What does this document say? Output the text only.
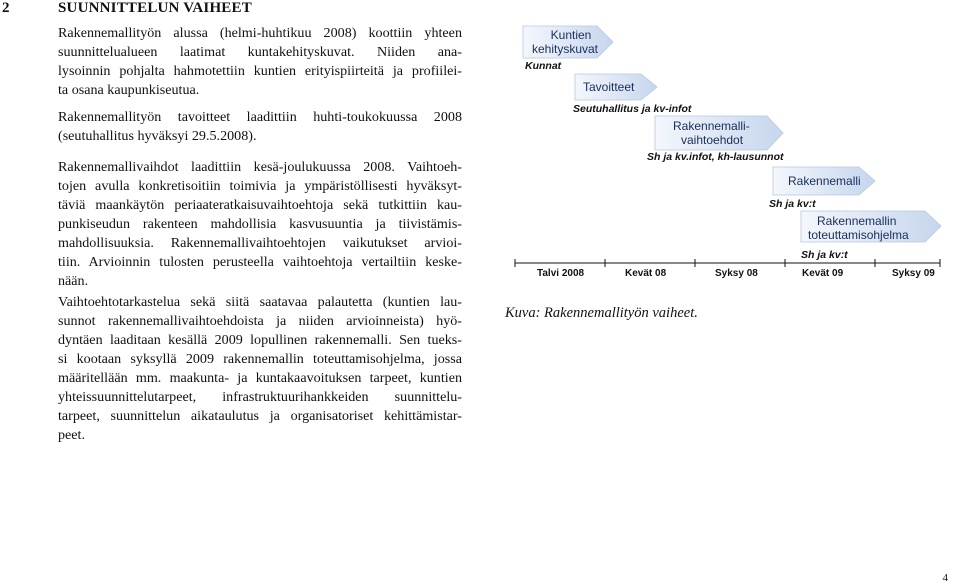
2	SUUNNITTELUN VAIHEET

Rakennemallityön alussa (helmi-huhtikuu 2008) koottiin yhteen
suunnittelualueen laatimat kuntakehityskuvat. Niiden ana-
lysoinnin pohjalta hahmotettiin kuntien erityispiirteitä ja profiilei-
ta osana kaupunkiseutua.

Rakennemallityön tavoitteet laadittiin huhti-toukokuussa 2008
(seutuhallitus hyväksyi 29.5.2008).

Rakennemallivaihdot laadittiin kesä-joulukuussa 2008. Vaihtoeh-
tojen avulla konkretisoitiin toimivia ja ympäristöllisesti hyväksyt-
täviä maankäytön periaateratkaisuvaihtoehtoja sekä tutkittiin kau-
punkiseudun rakenteen mahdollisia kasvusuuntia ja tiivistämis-
mahdollisuuksia. Rakennemallivaihtoehtojen vaikutukset arvioi-
tiin. Arvioinnin tulosten perusteella vaihtoehtoja vertailtiin keske-
nään.

Vaihtoehtotarkastelua sekä siitä saatavaa palautetta (kuntien lau-
sunnot rakennemallivaihtoehdoista ja niiden arvioinneista) hyö-
dyntäen laaditaan kesällä 2009 lopullinen rakennemalli. Sen tueks-
si kootaan syksyllä 2009 rakennemallin toteuttamisohjelma, jossa
määritellään mm. maakunta- ja kuntakaavoituksen tarpeet, kuntien
yhteissuunnittelutarpeet, infrastruktuurihankkeiden suunnittelu-
tarpeet, suunnittelun aikataulutus ja organisatoriset kehittämistar-
peet.

Kuntien
kehityskuvat
Kunnat
Tavoitteet
Seutuhallitus ja kv-infot
Rakennemalli-
vaihtoehdot
Sh ja kv.infot, kh-lausunnot
Rakennemalli
Sh ja kv:t
Rakennemallin
toteuttamisohjelma
Sh ja kv:t
Talvi 2008	Kevät 08	Syksy 08	Kevät 09	Syksy 09
Kuva: Rakennemallityön vaiheet.
4
